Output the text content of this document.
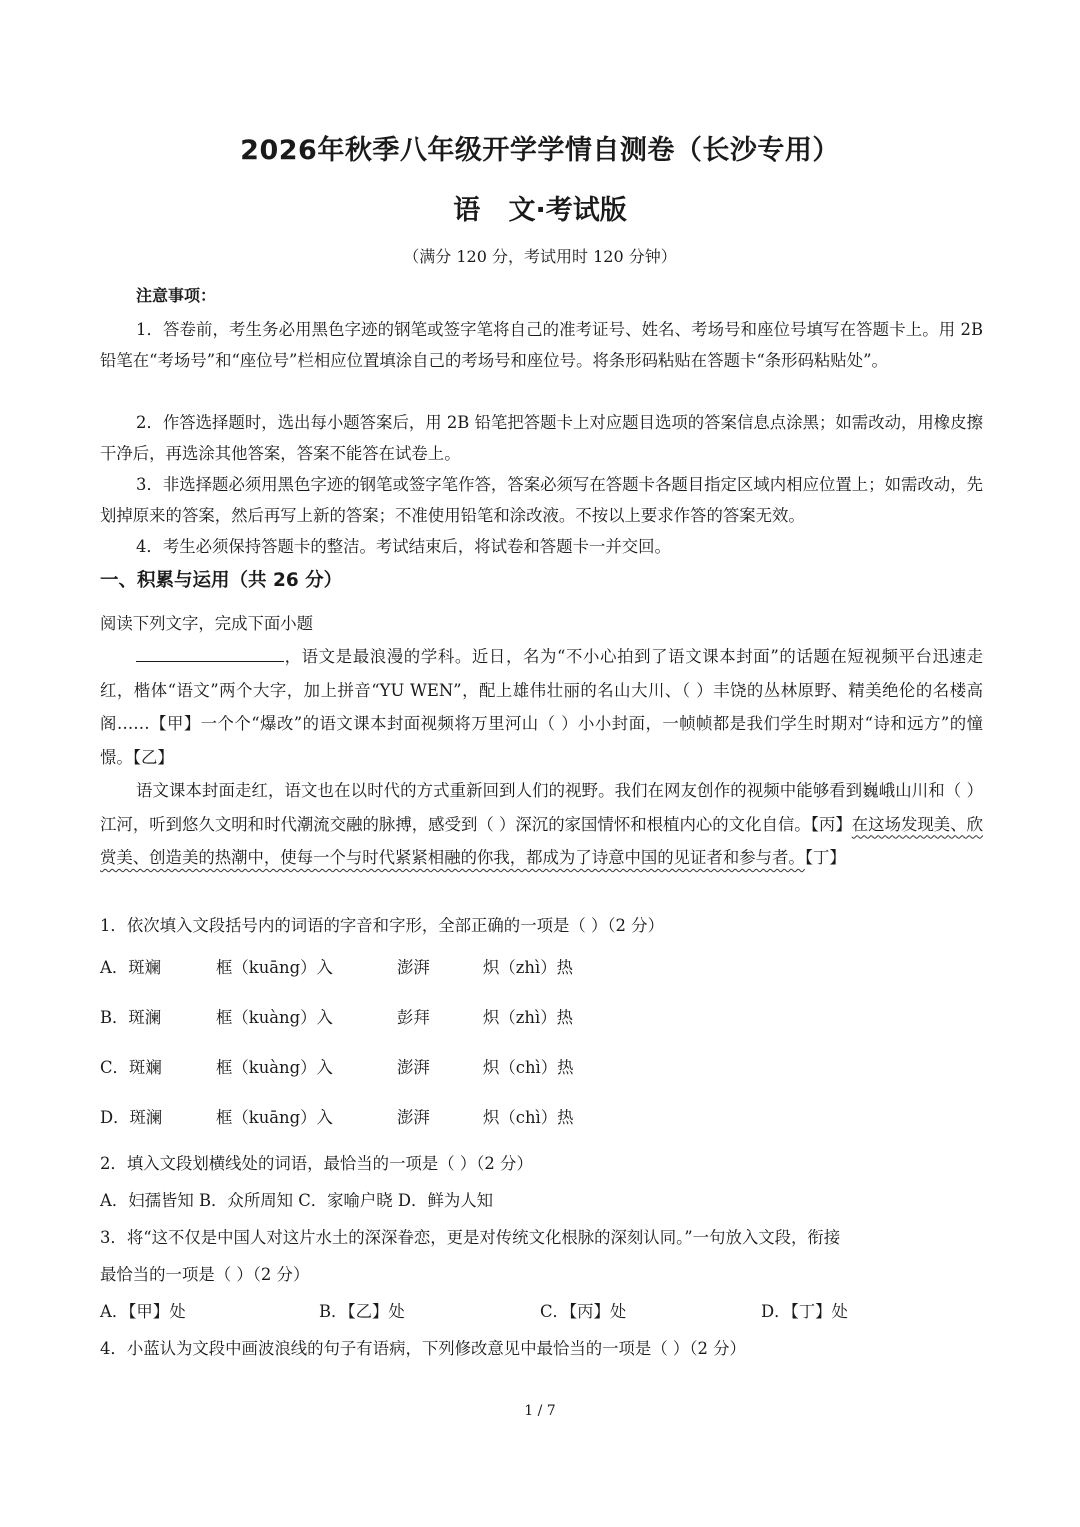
2026年秋季八年级开学学情自测卷（长沙专用）
语   文·考试版
（满分 120 分，考试用时 120 分钟）
注意事项：

1．答卷前，考生务必用黑色字迹的钢笔或签字笔将自己的准考证号、姓名、考场号和座位号填写在答题卡上。用 2B 铅笔在“考场号”和“座位号”栏相应位置填涂自己的考场号和座位号。将条形码粘贴在答题卡“条形码粘贴处”。

2．作答选择题时，选出每小题答案后，用 2B 铅笔把答题卡上对应题目选项的答案信息点涂黑；如需改动，用橡皮擦干净后，再选涂其他答案，答案不能答在试卷上。

3．非选择题必须用黑色字迹的钢笔或签字笔作答，答案必须写在答题卡各题目指定区域内相应位置上；如需改动，先划掉原来的答案，然后再写上新的答案；不准使用铅笔和涂改液。不按以上要求作答的答案无效。

4．考生必须保持答题卡的整洁。考试结束后，将试卷和答题卡一并交回。

一、积累与运用（共 26 分）
阅读下列文字，完成下面小题

，语文是最浪漫的学科。近日，名为“不小心拍到了语文课本封面”的话题在短视频平台迅速走红，楷体“语文”两个大字，加上拼音“YU WEN”，配上雄伟壮丽的名山大川、（ ）丰饶的丛林原野、精美绝伦的名楼高阁……【甲】一个个“爆改”的语文课本封面视频将万里河山（ ）小小封面，一帧帧都是我们学生时期对“诗和远方”的憧憬。【乙】

语文课本封面走红，语文也在以时代的方式重新回到人们的视野。我们在网友创作的视频中能够看到巍峨山川和（ ）江河，听到悠久文明和时代潮流交融的脉搏，感受到（ ）深沉的家国情怀和根植内心的文化自信。【丙】在这场发现美、欣赏美、创造美的热潮中，使每一个与时代紧紧相融的你我，都成为了诗意中国的见证者和参与者。【丁】

1．依次填入文段括号内的词语的字音和字形，全部正确的一项是（ ）（2 分）
A．斑斓	框（kuāng）入	澎湃	炽（zhì）热
B．斑澜	框（kuàng）入	彭拜	炽（zhì）热
C．斑斓	框（kuàng）入	澎湃	炽（chì）热
D．斑澜	框（kuāng）入	澎湃	炽（chì）热
2．填入文段划横线处的词语，最恰当的一项是（ ）（2 分）
A．妇孺皆知 B．众所周知 C．家喻户晓 D．鲜为人知
3．将“这不仅是中国人对这片水土的深深眷恋，更是对传统文化根脉的深刻认同。”一句放入文段，衔接
最恰当的一项是（ ）（2 分）
A．【甲】处	B．【乙】处	C．【丙】处	D．【丁】处
4．小蓝认为文段中画波浪线的句子有语病，下列修改意见中最恰当的一项是（ ）（2 分）
1 / 7
